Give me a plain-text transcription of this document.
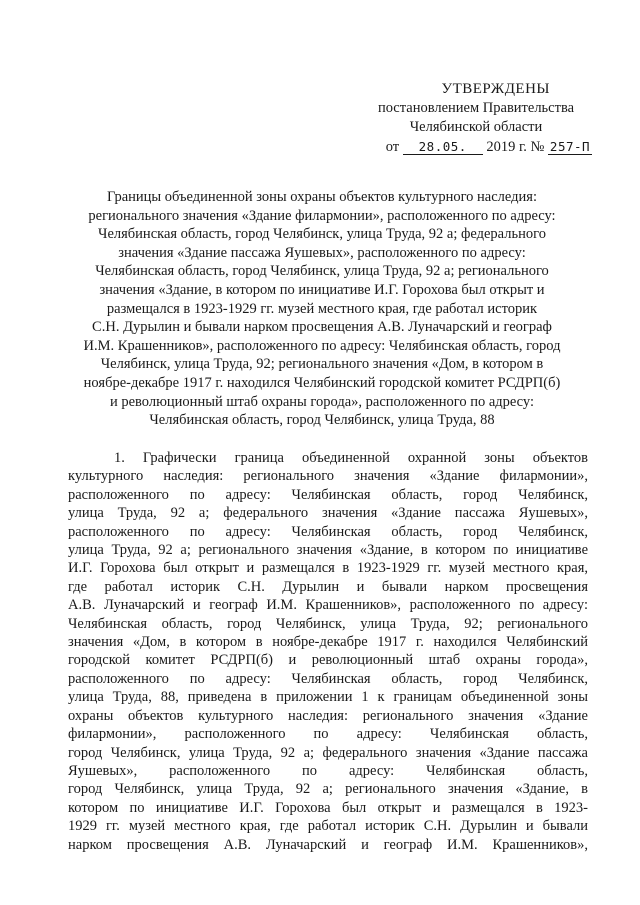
УТВЕРЖДЕНЫ
постановлением Правительства
Челябинской области
от 28.05. 2019 г. № 257-П
Границы объединенной зоны охраны объектов культурного наследия:
регионального значения «Здание филармонии», расположенного по адресу:
Челябинская область, город Челябинск, улица Труда, 92 а; федерального
значения «Здание пассажа Яушевых», расположенного по адресу:
Челябинская область, город Челябинск, улица Труда, 92 а; регионального
значения «Здание, в котором по инициативе И.Г. Горохова был открыт и
размещался в 1923-1929 гг. музей местного края, где работал историк
С.Н. Дурылин и бывали нарком просвещения А.В. Луначарский и географ
И.М. Крашенников», расположенного по адресу: Челябинская область, город
Челябинск, улица Труда, 92; регионального значения «Дом, в котором в
ноябре-декабре 1917 г. находился Челябинский городской комитет РСДРП(б)
и революционный штаб охраны города», расположенного по адресу:
Челябинская область, город Челябинск, улица Труда, 88
1. Графически граница объединенной охранной зоны объектов
культурного наследия: регионального значения «Здание филармонии»,
расположенного по адресу: Челябинская область, город Челябинск,
улица Труда, 92 а; федерального значения «Здание пассажа Яушевых»,
расположенного по адресу: Челябинская область, город Челябинск,
улица Труда, 92 а; регионального значения «Здание, в котором по инициативе
И.Г. Горохова был открыт и размещался в 1923-1929 гг. музей местного края,
где работал историк С.Н. Дурылин и бывали нарком просвещения
А.В. Луначарский и географ И.М. Крашенников», расположенного по адресу:
Челябинская область, город Челябинск, улица Труда, 92; регионального
значения «Дом, в котором в ноябре-декабре 1917 г. находился Челябинский
городской комитет РСДРП(б) и революционный штаб охраны города»,
расположенного по адресу: Челябинская область, город Челябинск,
улица Труда, 88, приведена в приложении 1 к границам объединенной зоны
охраны объектов культурного наследия: регионального значения «Здание
филармонии», расположенного по адресу: Челябинская область,
город Челябинск, улица Труда, 92 а; федерального значения «Здание пассажа
Яушевых», расположенного по адресу: Челябинская область,
город Челябинск, улица Труда, 92 а; регионального значения «Здание, в
котором по инициативе И.Г. Горохова был открыт и размещался в 1923-
1929 гг. музей местного края, где работал историк С.Н. Дурылин и бывали
нарком просвещения А.В. Луначарский и географ И.М. Крашенников»,
